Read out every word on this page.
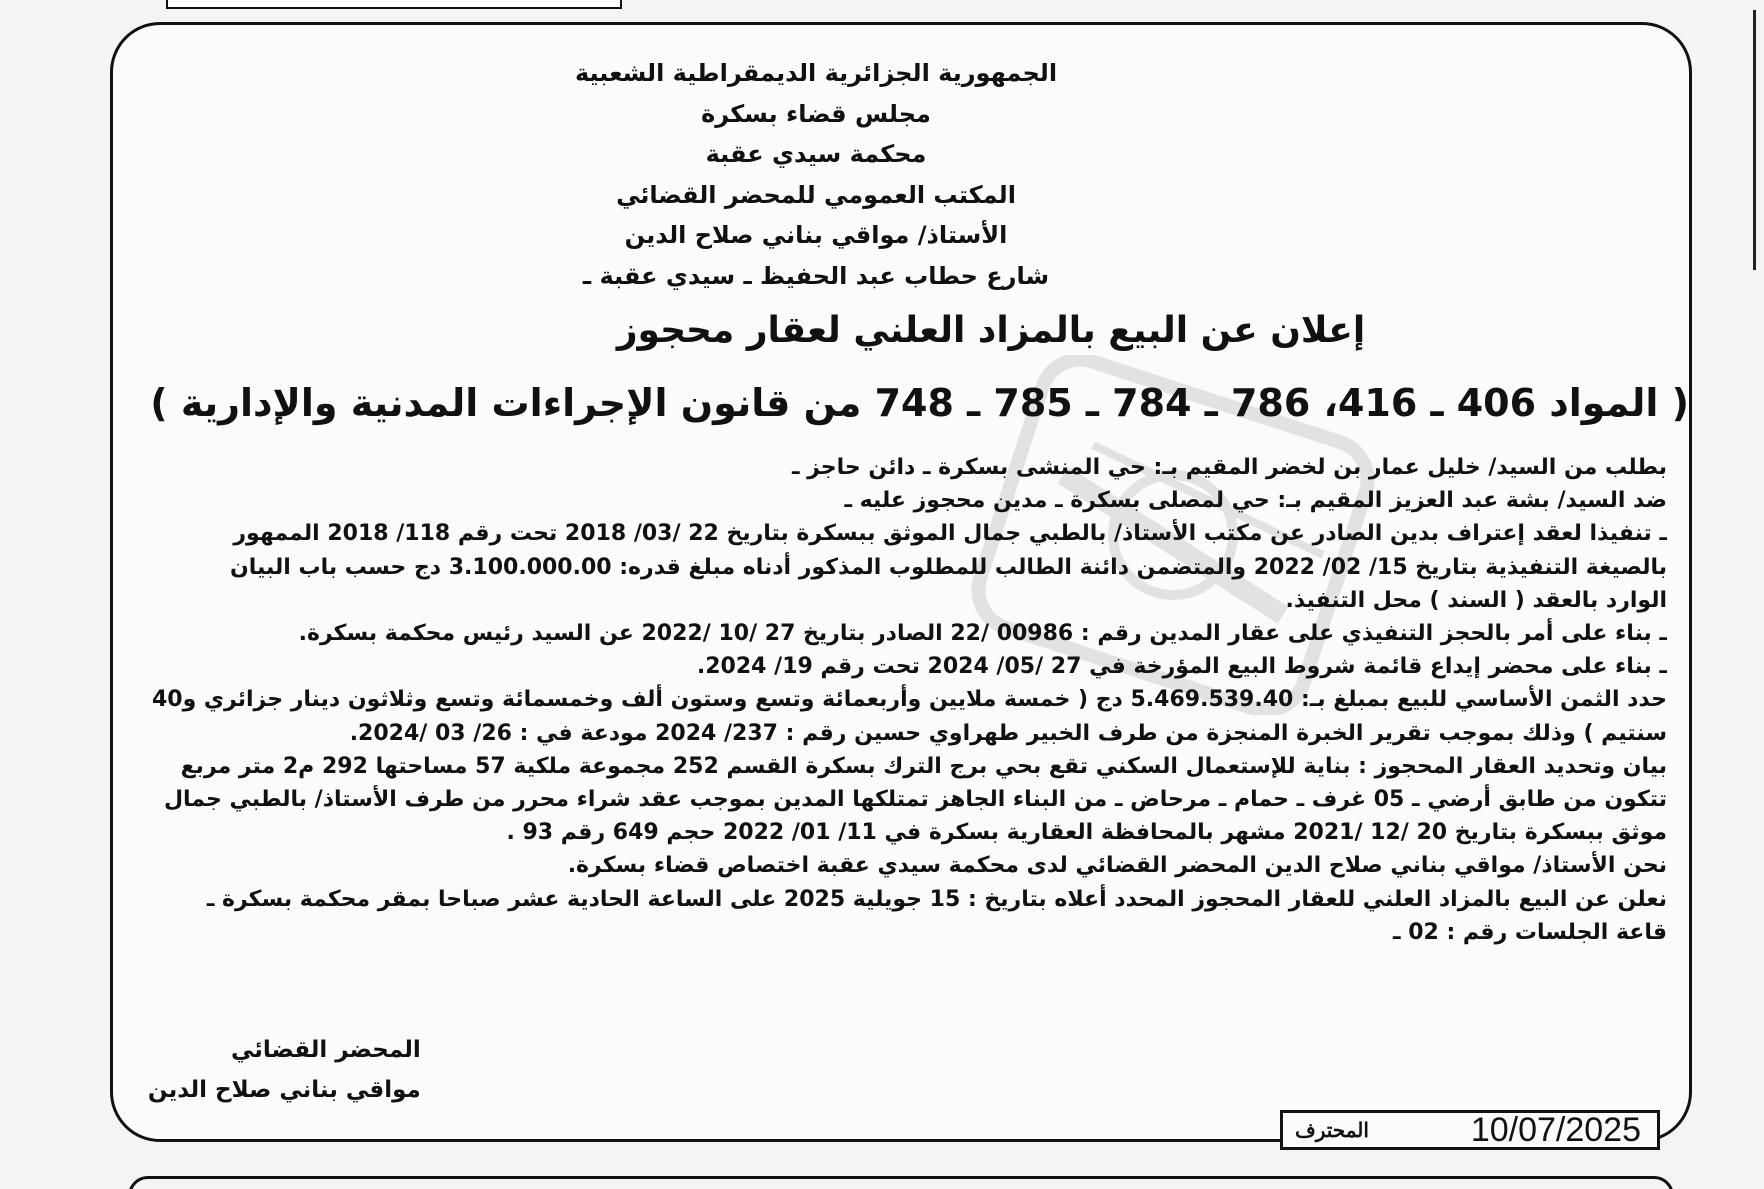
الجمهورية الجزائرية الديمقراطية الشعبية
مجلس قضاء بسكرة
محكمة سيدي عقبة
المكتب العمومي للمحضر القضائي
الأستاذ/ مواقي بناني صلاح الدين
شارع حطاب عبد الحفيظ ـ سيدي عقبة ـ
إعلان عن البيع بالمزاد العلني لعقار محجوز
( المواد 406 ـ 416، 786 ـ 784 ـ 785 ـ 748 من قانون الإجراءات المدنية والإدارية )
بطلب من السيد/ خليل عمار بن لخضر المقيم بـ: حي المنشى بسكرة ـ دائن حاجز ـ
ضد السيد/ بشة عبد العزيز المقيم بـ: حي لمصلى بسكرة ـ مدين محجوز عليه ـ
ـ تنفيذا لعقد إعتراف بدين الصادر عن مكتب الأستاذ/ بالطبي جمال الموثق ببسكرة بتاريخ 22 /03/ 2018 تحت رقم 118/ 2018 الممهور
بالصيغة التنفيذية بتاريخ 15/ 02/ 2022 والمتضمن دائنة الطالب للمطلوب المذكور أدناه مبلغ قدره: 3.100.000.00 دج حسب باب البيان
الوارد بالعقد ( السند ) محل التنفيذ.
ـ بناء على أمر بالحجز التنفيذي على عقار المدين رقم : 00986 /22 الصادر بتاريخ 27 /10 /2022 عن السيد رئيس محكمة بسكرة.
ـ بناء على محضر إيداع قائمة شروط البيع المؤرخة في 27 /05/ 2024 تحت رقم 19/ 2024.
حدد الثمن الأساسي للبيع بمبلغ بـ: 5.469.539.40 دج ( خمسة ملايين وأربعمائة وتسع وستون ألف وخمسمائة وتسع وثلاثون دينار جزائري و40
سنتيم ) وذلك بموجب تقرير الخبرة المنجزة من طرف الخبير طهراوي حسين رقم : 237/ 2024 مودعة في : 26/ 03 /2024.
بيان وتحديد العقار المحجوز : بناية للإستعمال السكني تقع بحي برج الترك بسكرة القسم 252 مجموعة ملكية 57 مساحتها 292 م2 متر مربع
تتكون من طابق أرضي ـ 05 غرف ـ حمام ـ مرحاض ـ من البناء الجاهز تمتلكها المدين بموجب عقد شراء محرر من طرف الأستاذ/ بالطبي جمال
موثق ببسكرة بتاريخ 20 /12 /2021 مشهر بالمحافظة العقارية بسكرة في 11/ 01/ 2022 حجم 649 رقم 93 .
نحن الأستاذ/ مواقي بناني صلاح الدين المحضر القضائي لدى محكمة سيدي عقبة اختصاص قضاء بسكرة.
نعلن عن البيع بالمزاد العلني للعقار المحجوز المحدد أعلاه بتاريخ : 15 جويلية 2025 على الساعة الحادية عشر صباحا بمقر محكمة بسكرة ـ
قاعة الجلسات رقم : 02 ـ
المحضر القضائي
مواقي بناني صلاح الدين
المحترف	10/07/2025
